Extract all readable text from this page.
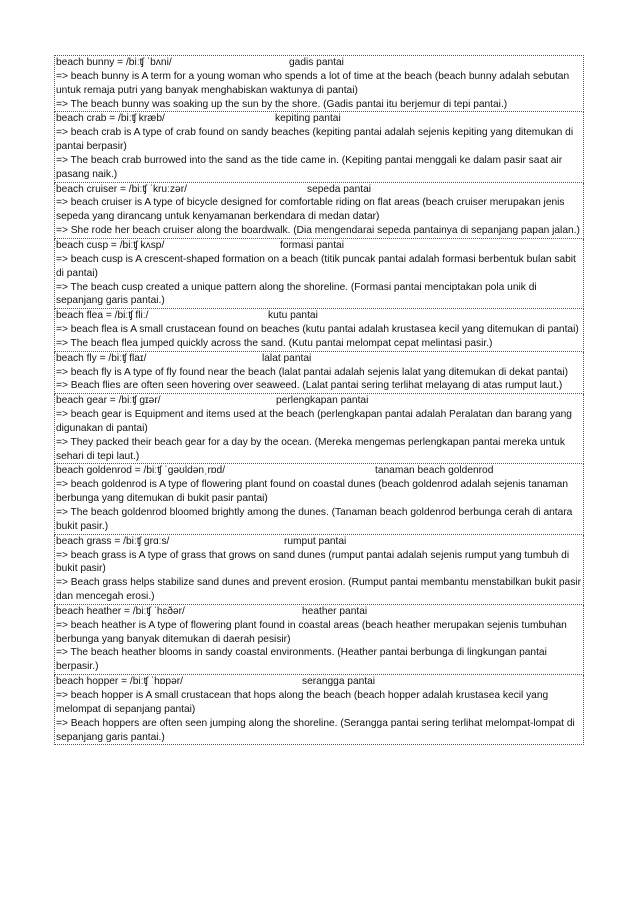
beach bunny = /biːʧ ˈbʌni/	gadis pantai

=> beach bunny is A term for a young woman who spends a lot of time at the beach (beach bunny adalah sebutan untuk remaja putri yang banyak menghabiskan waktunya di pantai)

=> The beach bunny was soaking up the sun by the shore. (Gadis pantai itu berjemur di tepi pantai.)

beach crab = /biːʧ kræb/	kepiting pantai

=> beach crab is A type of crab found on sandy beaches (kepiting pantai adalah sejenis kepiting yang ditemukan di pantai berpasir)

=> The beach crab burrowed into the sand as the tide came in. (Kepiting pantai menggali ke dalam pasir saat air pasang naik.)

beach cruiser = /biːʧ ˈkruːzər/	sepeda pantai

=> beach cruiser is A type of bicycle designed for comfortable riding on flat areas (beach cruiser merupakan jenis sepeda yang dirancang untuk kenyamanan berkendara di medan datar)

=> She rode her beach cruiser along the boardwalk. (Dia mengendarai sepeda pantainya di sepanjang papan jalan.)

beach cusp = /biːʧ kʌsp/	formasi pantai

=> beach cusp is A crescent-shaped formation on a beach (titik puncak pantai adalah formasi berbentuk bulan sabit di pantai)

=> The beach cusp created a unique pattern along the shoreline. (Formasi pantai menciptakan pola unik di sepanjang garis pantai.)

beach flea = /biːʧ fliː/	kutu pantai

=> beach flea is A small crustacean found on beaches (kutu pantai adalah krustasea kecil yang ditemukan di pantai)

=> The beach flea jumped quickly across the sand. (Kutu pantai melompat cepat melintasi pasir.)

beach fly = /biːʧ flaɪ/	lalat pantai

=> beach fly is A type of fly found near the beach (lalat pantai adalah sejenis lalat yang ditemukan di dekat pantai)

=> Beach flies are often seen hovering over seaweed. (Lalat pantai sering terlihat melayang di atas rumput laut.)

beach gear = /biːʧ gɪər/	perlengkapan pantai

=> beach gear is Equipment and items used at the beach (perlengkapan pantai adalah Peralatan dan barang yang digunakan di pantai)

=> They packed their beach gear for a day by the ocean. (Mereka mengemas perlengkapan pantai mereka untuk sehari di tepi laut.)

beach goldenrod = /biːʧ ˈgəʊldənˌrɒd/	tanaman beach goldenrod

=> beach goldenrod is A type of flowering plant found on coastal dunes (beach goldenrod adalah sejenis tanaman berbunga yang ditemukan di bukit pasir pantai)

=> The beach goldenrod bloomed brightly among the dunes. (Tanaman beach goldenrod berbunga cerah di antara bukit pasir.)

beach grass = /biːʧ grɑːs/	rumput pantai

=> beach grass is A type of grass that grows on sand dunes (rumput pantai adalah sejenis rumput yang tumbuh di bukit pasir)

=> Beach grass helps stabilize sand dunes and prevent erosion. (Rumput pantai membantu menstabilkan bukit pasir dan mencegah erosi.)

beach heather = /biːʧ ˈhɛðər/	heather pantai

=> beach heather is A type of flowering plant found in coastal areas (beach heather merupakan sejenis tumbuhan berbunga yang banyak ditemukan di daerah pesisir)

=> The beach heather blooms in sandy coastal environments. (Heather pantai berbunga di lingkungan pantai berpasir.)

beach hopper = /biːʧ ˈhɒpər/	serangga pantai

=> beach hopper is A small crustacean that hops along the beach (beach hopper adalah krustasea kecil yang melompat di sepanjang pantai)

=> Beach hoppers are often seen jumping along the shoreline. (Serangga pantai sering terlihat melompat-lompat di sepanjang garis pantai.)
